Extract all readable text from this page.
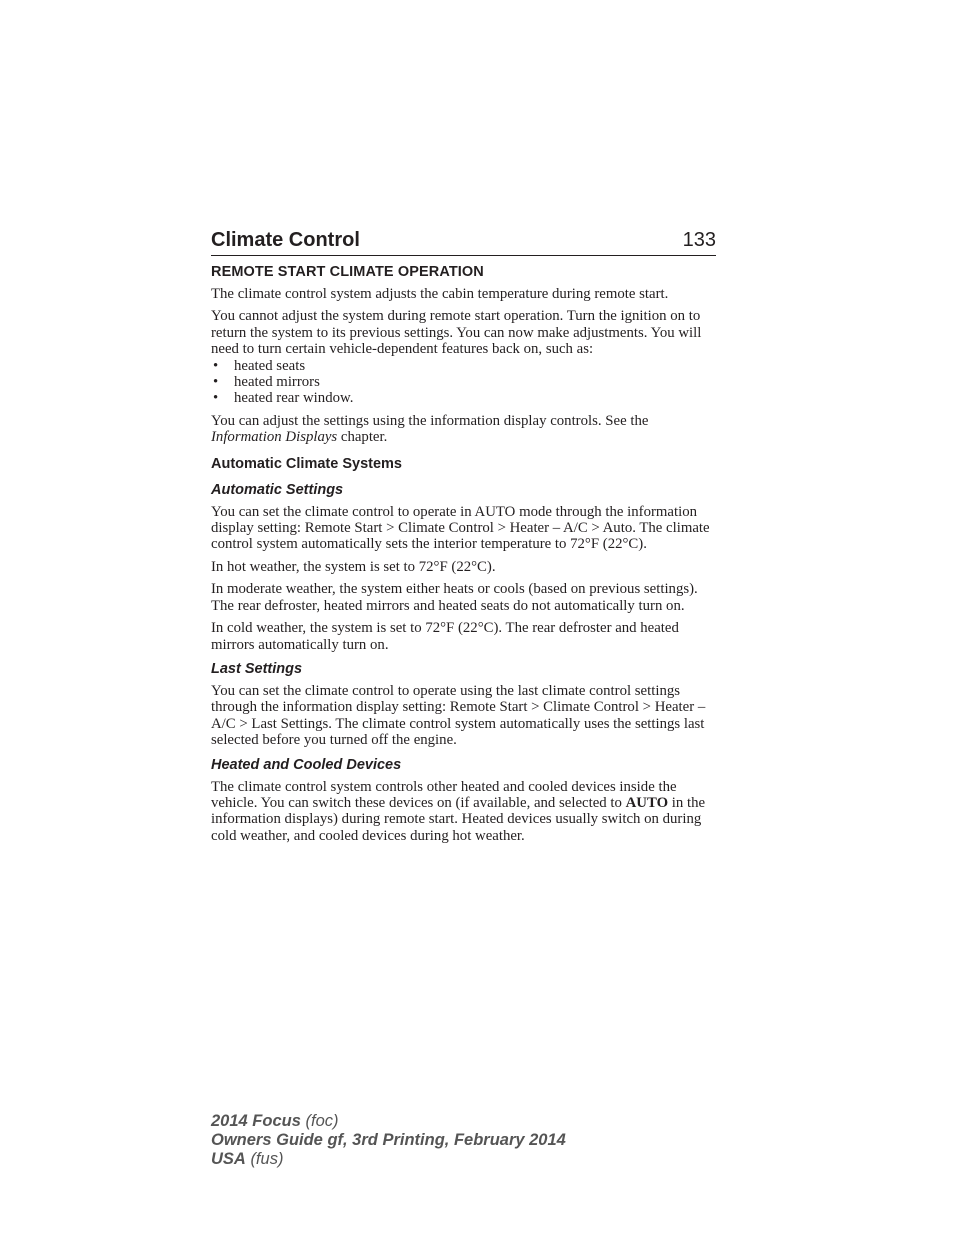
Climate Control	133
REMOTE START CLIMATE OPERATION

The climate control system adjusts the cabin temperature during remote start.

You cannot adjust the system during remote start operation. Turn the ignition on to return the system to its previous settings. You can now make adjustments. You will need to turn certain vehicle-dependent features back on, such as:

• heated seats
• heated mirrors
• heated rear window.

You can adjust the settings using the information display controls. See the Information Displays chapter.

Automatic Climate Systems
Automatic Settings

You can set the climate control to operate in AUTO mode through the information display setting: Remote Start > Climate Control > Heater – A/C > Auto. The climate control system automatically sets the interior temperature to 72°F (22°C).

In hot weather, the system is set to 72°F (22°C).

In moderate weather, the system either heats or cools (based on previous settings). The rear defroster, heated mirrors and heated seats do not automatically turn on.

In cold weather, the system is set to 72°F (22°C). The rear defroster and heated mirrors automatically turn on.

Last Settings

You can set the climate control to operate using the last climate control settings through the information display setting: Remote Start > Climate Control > Heater – A/C > Last Settings. The climate control system automatically uses the settings last selected before you turned off the engine.

Heated and Cooled Devices

The climate control system controls other heated and cooled devices inside the vehicle. You can switch these devices on (if available, and selected to AUTO in the information displays) during remote start. Heated devices usually switch on during cold weather, and cooled devices during hot weather.

2014 Focus (foc)
Owners Guide gf, 3rd Printing, February 2014
USA (fus)
